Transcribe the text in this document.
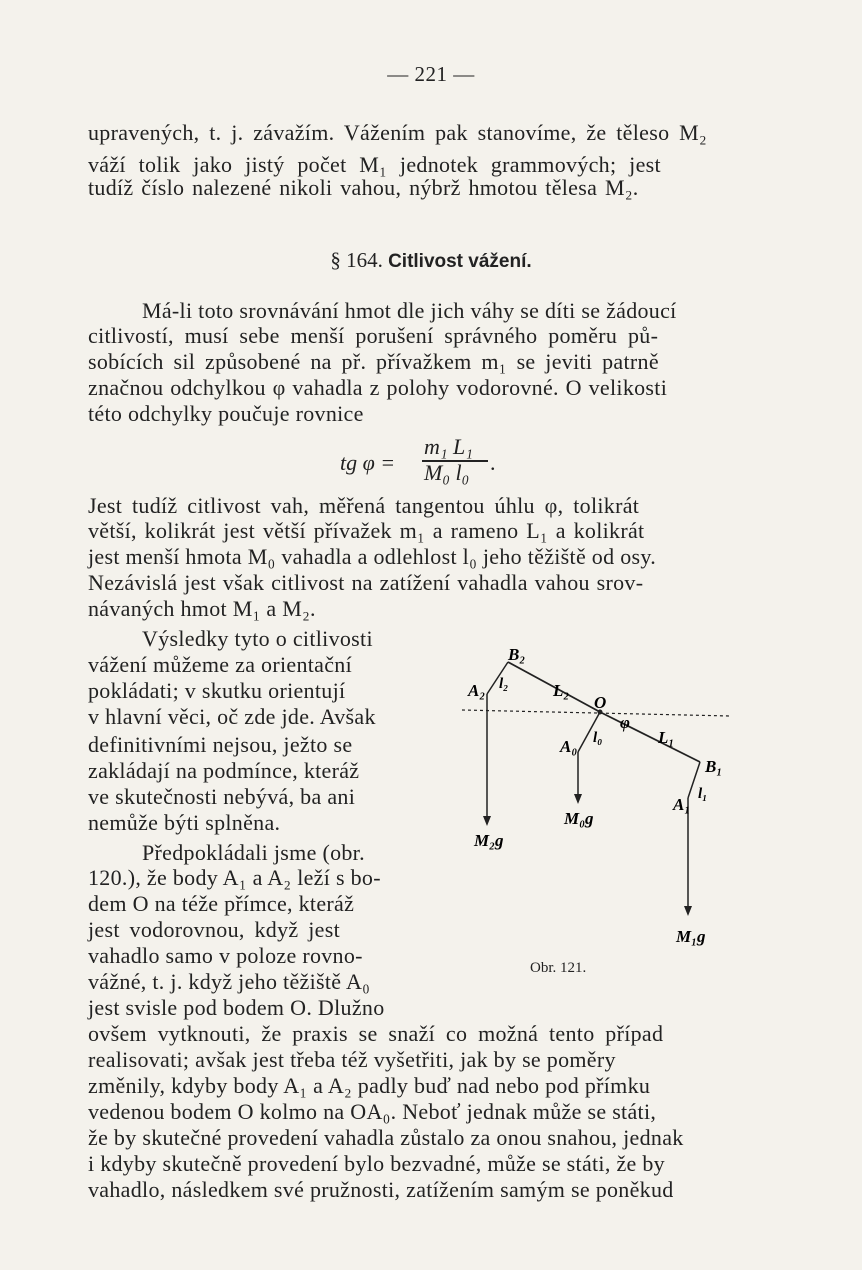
— 221 —
upravených, t. j. závažím. Vážením pak stanovíme, že těleso M₂
váží tolik jako jistý počet M₁ jednotek grammových; jest
tudíž číslo nalezené nikoli vahou, nýbrž hmotou tělesa M₂.
§ 164. Citlivost vážení.
Má-li toto srovnávání hmot dle jich váhy se díti se žádoucí
citlivostí, musí sebe menší porušení správného poměru pů-
sobících sil způsobené na př. přívažkem m₁ se jeviti patrně
značnou odchylkou φ vahadla z polohy vodorovné. O velikosti
této odchylky poučuje rovnice
tg φ =
m₁ L₁
M₀ l₀ .
Jest tudíž citlivost vah, měřená tangentou úhlu φ, tolikrát
větší, kolikrát jest větší přívažek m₁ a rameno L₁ a kolikrát
jest menší hmota M₀ vahadla a odlehlost l₀ jeho těžiště od osy.
Nezávislá jest však citlivost na zatížení vahadla vahou srov-
návaných hmot M₁ a M₂.
Výsledky tyto o citlivosti
vážení můžeme za orientační
pokládati; v skutku orientují
v hlavní věci, oč zde jde. Avšak
definitivními nejsou, ježto se
zakládají na podmínce, kteráž
ve skutečnosti nebývá, ba ani
nemůže býti splněna.
Předpokládali jsme (obr.
120.), že body A₁ a A₂ leží s bo-
dem O na téže přímce, kteráž
jest vodorovnou, když jest
vahadlo samo v poloze rovno-
vážné, t. j. když jeho těžiště A₀
jest svisle pod bodem O. Dlužno
ovšem vytknouti, že praxis se snaží co možná tento případ
realisovati; avšak jest třeba též vyšetřiti, jak by se poměry
změnily, kdyby body A₁ a A₂ padly buď nad nebo pod přímku
vedenou bodem O kolmo na OA₀. Neboť jednak může se státi,
že by skutečné provedení vahadla zůstalo za onou snahou, jednak
i kdyby skutečně provedení bylo bezvadné, může se státi, že by
vahadlo, následkem své pružnosti, zatížením samým se poněkud
B₂
A₂ l₂	L₂
O
φ
l₀
A₀	L₁
B₁
A₁
l₁
M₀g
M₂g
M₁g
Obr. 121.
